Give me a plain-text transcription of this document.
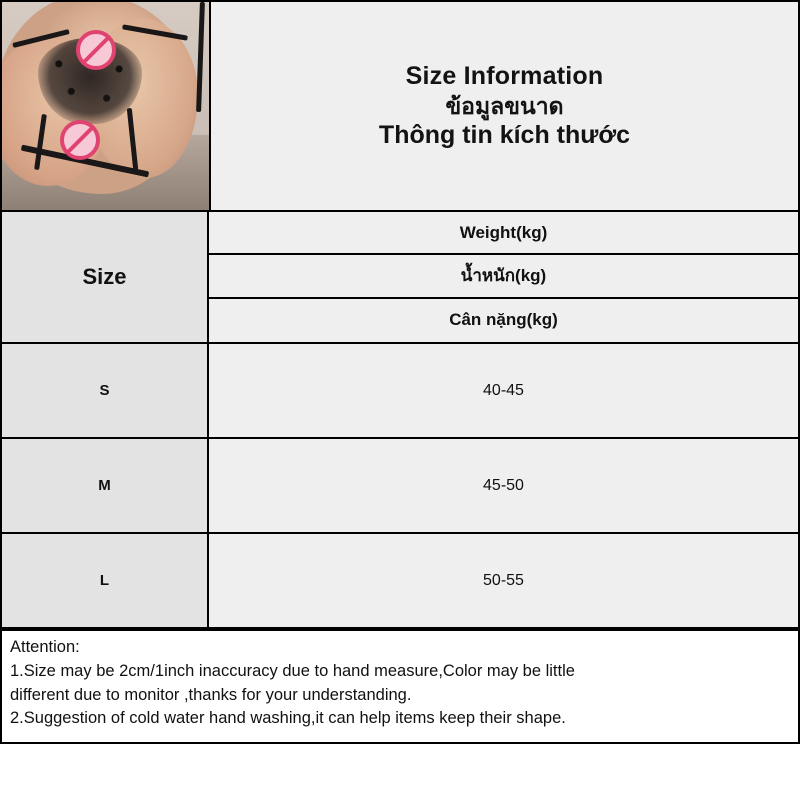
Size Information
ข้อมูลขนาด
Thông tin kích thước
Size
Weight(kg)
น้ำหนัก(kg)
Cân nặng(kg)
S	40-45
M	45-50
L	50-55

Attention:

1.Size may be 2cm/1inch inaccuracy due to hand measure,Color may be little

different due to monitor ,thanks for your understanding.

2.Suggestion of cold water hand washing,it can help items keep their shape.
